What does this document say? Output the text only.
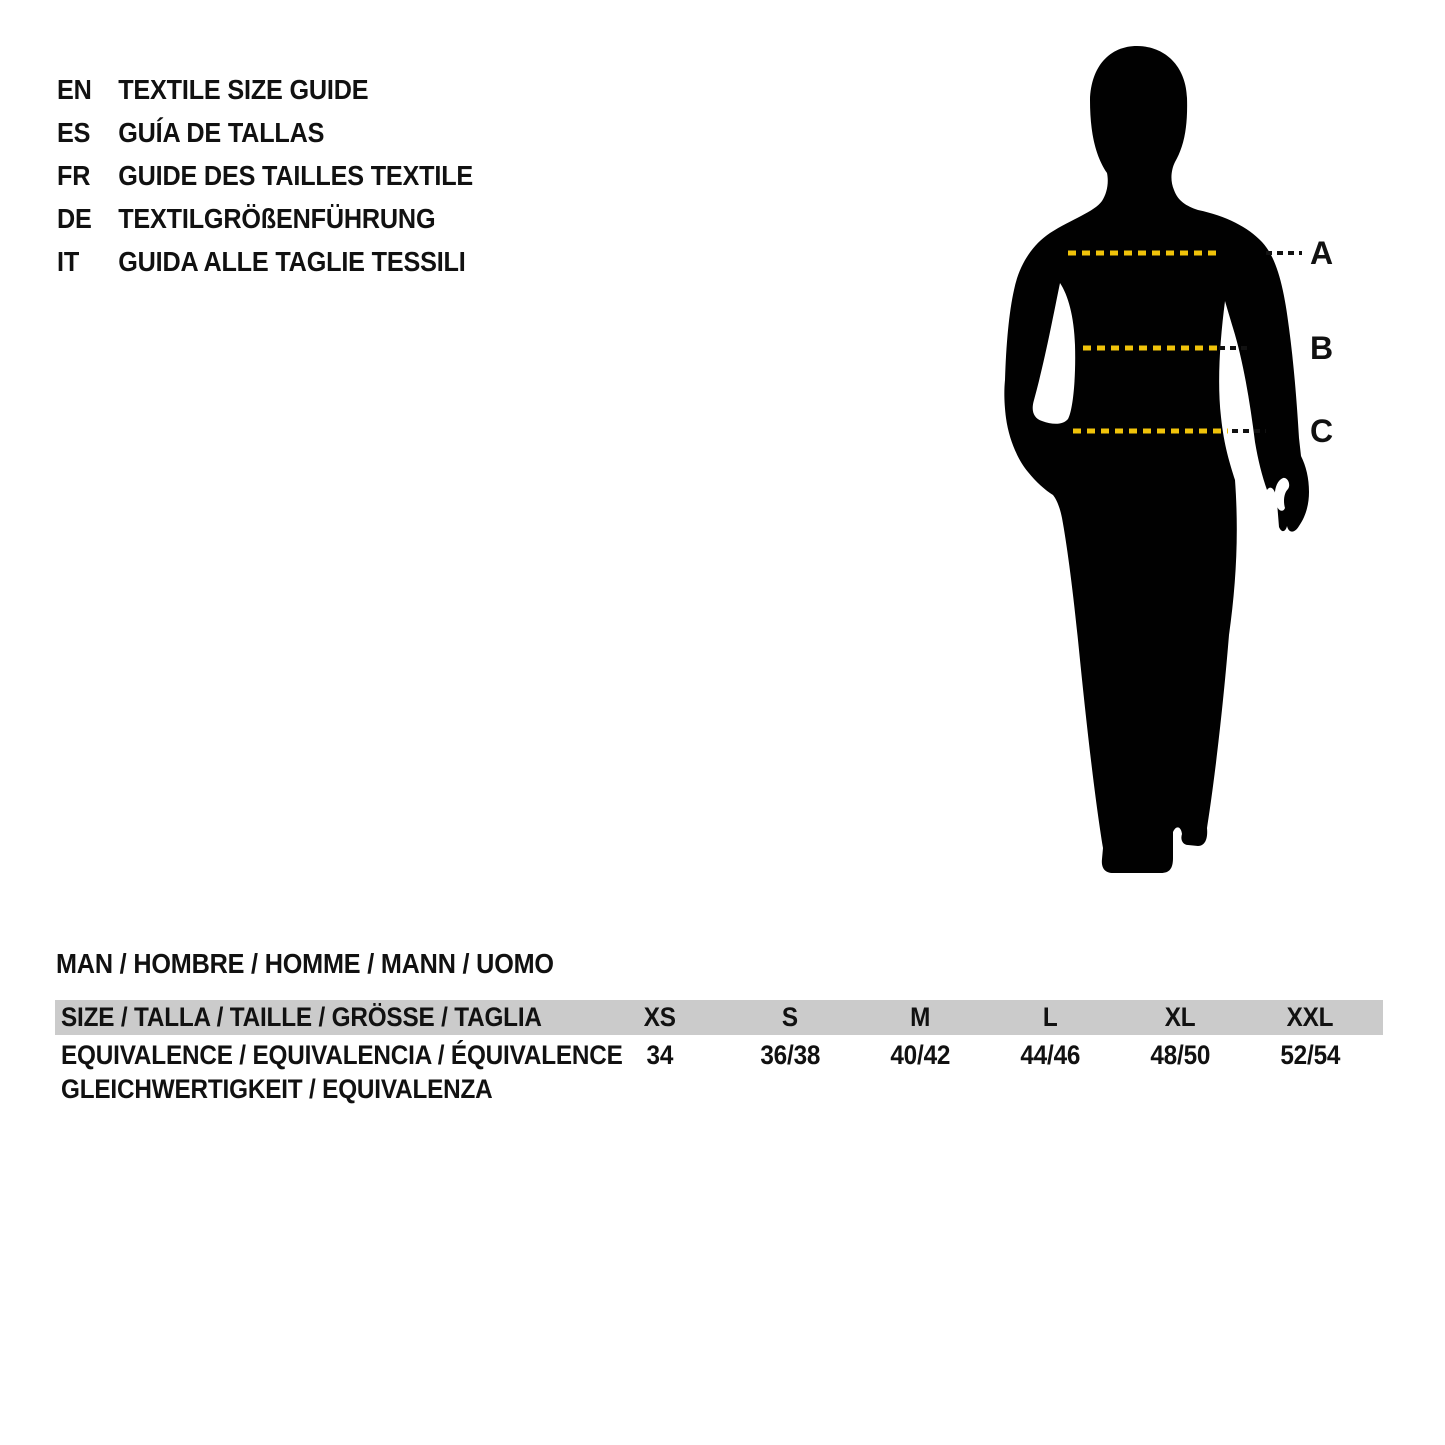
EN TEXTILE SIZE GUIDE
ES GUÍA DE TALLAS
FR GUIDE DES TAILLES TEXTILE
DE TEXTILGRÖßENFÜHRUNG
IT GUIDA ALLE TAGLIE TESSILI	A
B
C
MAN / HOMBRE / HOMME / MANN / UOMO
SIZE / TALLA / TAILLE / GRÖSSE / TAGLIA	XS	S	M	L	XL	XXL
EQUIVALENCE / EQUIVALENCIA / ÉQUIVALENCE
GLEICHWERTIGKEIT / EQUIVALENZA
34	36/38	40/42	44/46	48/50	52/54
